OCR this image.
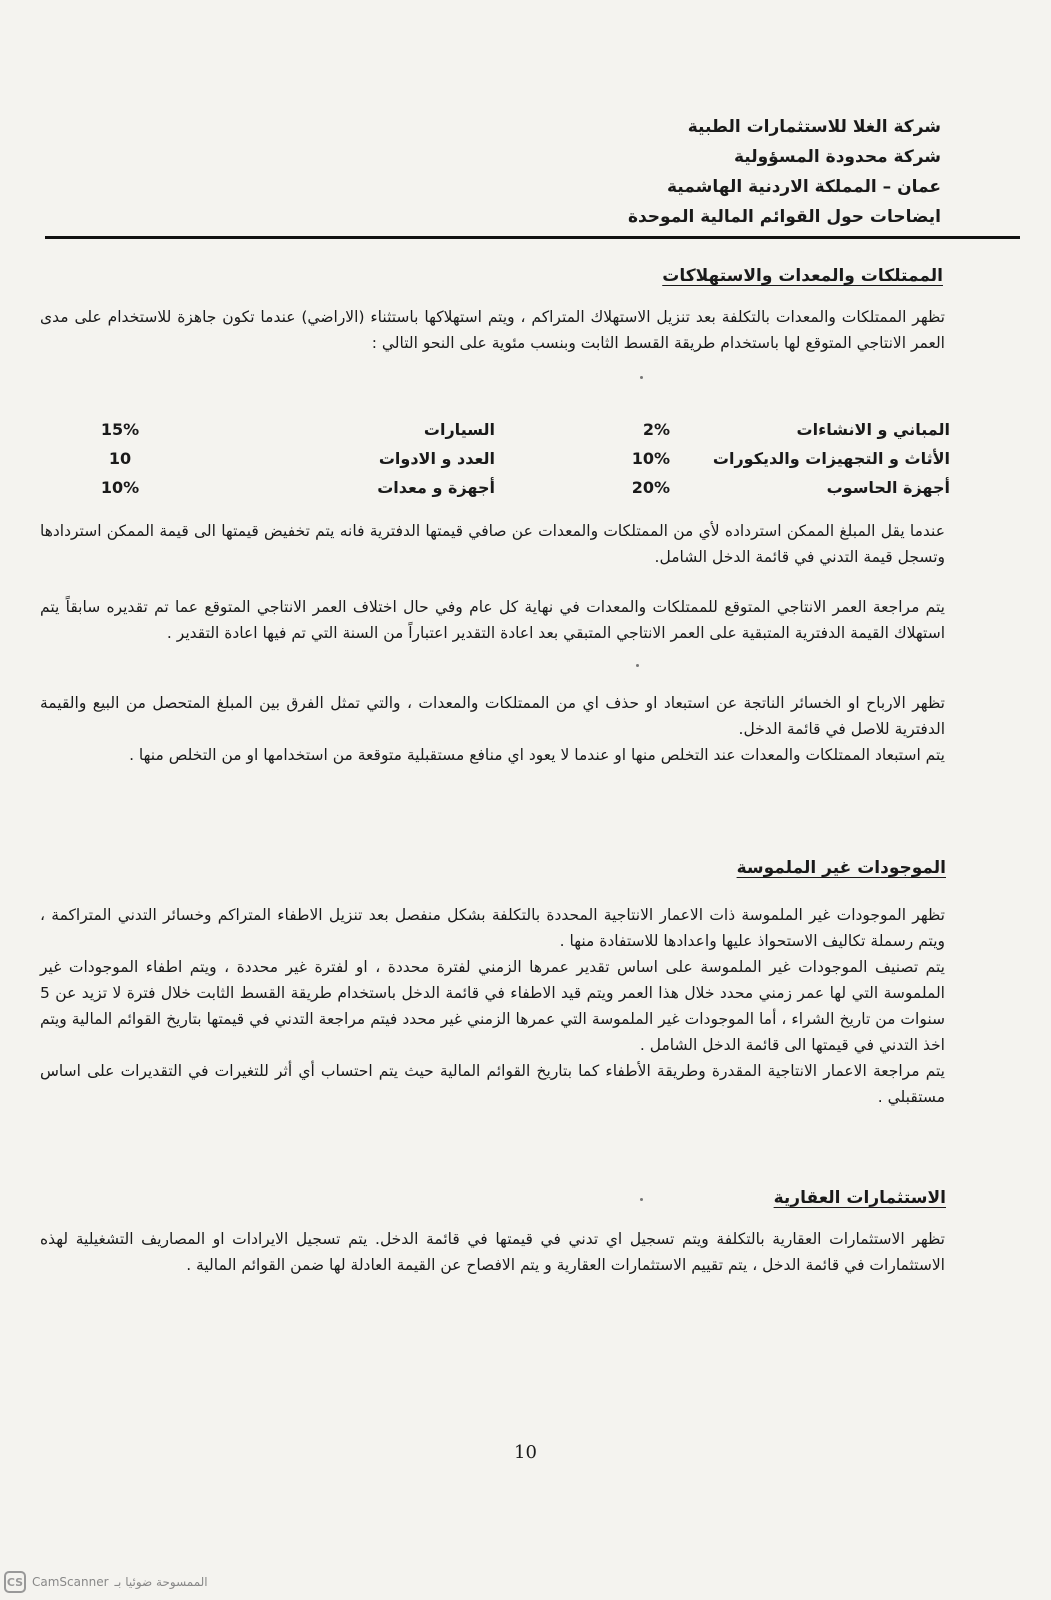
شركة الغلا للاستثمارات الطبية
شركة محدودة المسؤولية
عمان – المملكة الاردنية الهاشمية
ايضاحات حول القوائم المالية الموحدة
الممتلكات والمعدات والاستهلاكات
تظهر الممتلكات والمعدات بالتكلفة بعد تنزيل الاستهلاك المتراكم ، ويتم استهلاكها باستثناء (الاراضي) عندما تكون جاهزة للاستخدام على مدى العمر الانتاجي المتوقع لها باستخدام طريقة القسط الثابت وبنسب مئوية على النحو التالي :
المباني و الانشاءات
2%
السيارات
15%
الأثاث و التجهيزات والديكورات
10%
العدد و الادوات
10
أجهزة الحاسوب
20%
أجهزة و معدات
10%
عندما يقل المبلغ الممكن استرداده لأي من الممتلكات والمعدات عن صافي قيمتها الدفترية فانه يتم تخفيض قيمتها الى قيمة الممكن استردادها وتسجل قيمة التدني في قائمة الدخل الشامل.
يتم مراجعة العمر الانتاجي المتوقع للممتلكات والمعدات في نهاية كل عام وفي حال اختلاف العمر الانتاجي المتوقع عما تم تقديره سابقاً يتم استهلاك القيمة الدفترية المتبقية على العمر الانتاجي المتبقي بعد اعادة التقدير اعتباراً من السنة التي تم فيها اعادة التقدير .
تظهر الارباح او الخسائر الناتجة عن استبعاد او حذف اي من الممتلكات والمعدات ، والتي تمثل الفرق بين المبلغ المتحصل من البيع والقيمة الدفترية للاصل في قائمة الدخل.
يتم استبعاد الممتلكات والمعدات عند التخلص منها او عندما لا يعود اي منافع مستقبلية متوقعة من استخدامها او من التخلص منها .
الموجودات غير الملموسة
تظهر الموجودات غير الملموسة ذات الاعمار الانتاجية المحددة بالتكلفة بشكل منفصل بعد تنزيل الاطفاء المتراكم وخسائر التدني المتراكمة ، ويتم رسملة تكاليف الاستحواذ عليها واعدادها للاستفادة منها .
يتم تصنيف الموجودات غير الملموسة على اساس تقدير عمرها الزمني لفترة محددة ، او لفترة غير محددة ، ويتم اطفاء الموجودات غير الملموسة التي لها عمر زمني محدد خلال هذا العمر ويتم قيد الاطفاء في قائمة الدخل باستخدام طريقة القسط الثابت خلال فترة لا تزيد عن 5 سنوات من تاريخ الشراء ، أما الموجودات غير الملموسة التي عمرها الزمني غير محدد فيتم مراجعة التدني في قيمتها بتاريخ القوائم المالية ويتم اخذ التدني في قيمتها الى قائمة الدخل الشامل .
يتم مراجعة الاعمار الانتاجية المقدرة وطريقة الأطفاء كما بتاريخ القوائم المالية حيث يتم احتساب أي أثر للتغيرات في التقديرات على اساس مستقبلي .
الاستثمارات العقارية
تظهر الاستثمارات العقارية بالتكلفة ويتم تسجيل اي تدني في قيمتها في قائمة الدخل. يتم تسجيل الايرادات او المصاريف التشغيلية لهذه الاستثمارات في قائمة الدخل ، يتم تقييم الاستثمارات العقارية و يتم الافصاح عن القيمة العادلة لها ضمن القوائم المالية .
10
CS CamScanner الممسوحة ضوئيا بـ
